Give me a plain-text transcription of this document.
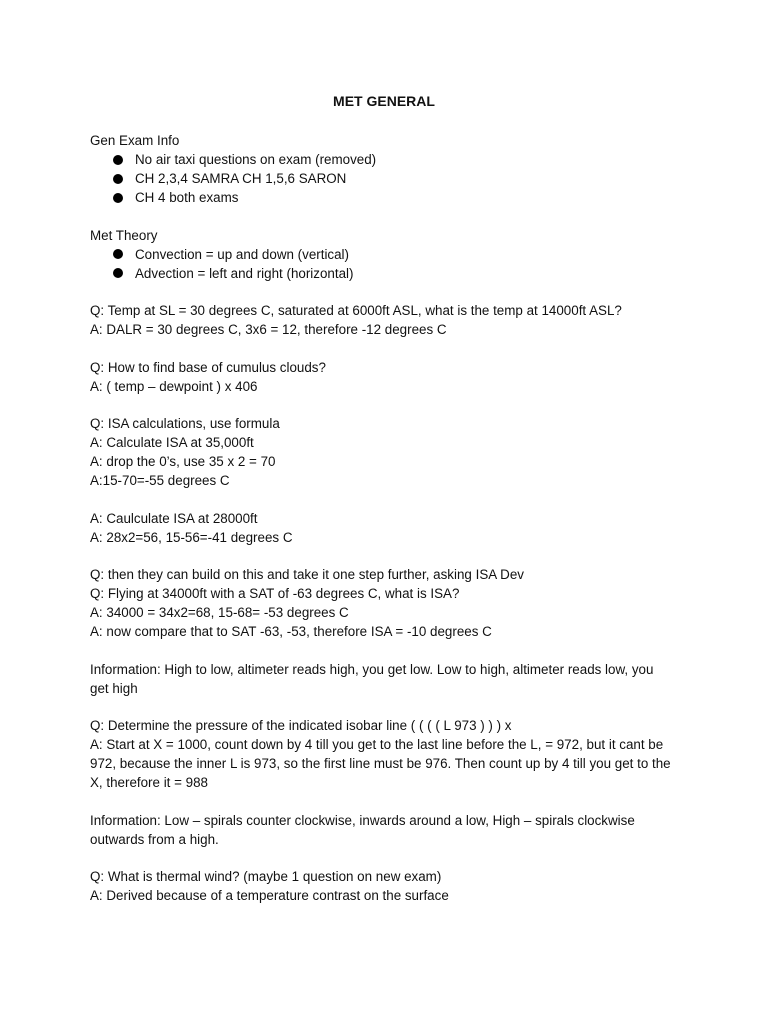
MET GENERAL
Gen Exam Info
No air taxi questions on exam (removed)
CH 2,3,4 SAMRA CH 1,5,6 SARON
CH 4 both exams
Met Theory
Convection = up and down (vertical)
Advection = left and right (horizontal)
Q: Temp at SL = 30 degrees C, saturated at 6000ft ASL, what is the temp at 14000ft ASL?
A: DALR = 30 degrees C, 3x6 = 12, therefore -12 degrees C
Q: How to find base of cumulus clouds?
A: ( temp – dewpoint ) x 406
Q: ISA calculations, use formula
A: Calculate ISA at 35,000ft
A: drop the 0’s, use 35 x 2 = 70
A:15-70=-55 degrees C
A: Caulculate ISA at 28000ft
A: 28x2=56, 15-56=-41 degrees C
Q: then they can build on this and take it one step further, asking ISA Dev
Q: Flying at 34000ft with a SAT of -63 degrees C, what is ISA?
A: 34000 = 34x2=68, 15-68= -53 degrees C
A: now compare that to SAT -63, -53, therefore ISA = -10 degrees C
Information: High to low, altimeter reads high, you get low. Low to high, altimeter reads low, you get high
Q: Determine the pressure of the indicated isobar line ( ( ( ( L 973 ) ) ) x
A: Start at X = 1000, count down by 4 till you get to the last line before the L, = 972, but it cant be 972, because the inner L is 973, so the first line must be 976. Then count up by 4 till you get to the X, therefore it = 988
Information: Low – spirals counter clockwise, inwards around a low, High – spirals clockwise outwards from a high.
Q: What is thermal wind? (maybe 1 question on new exam)
A: Derived because of a temperature contrast on the surface
